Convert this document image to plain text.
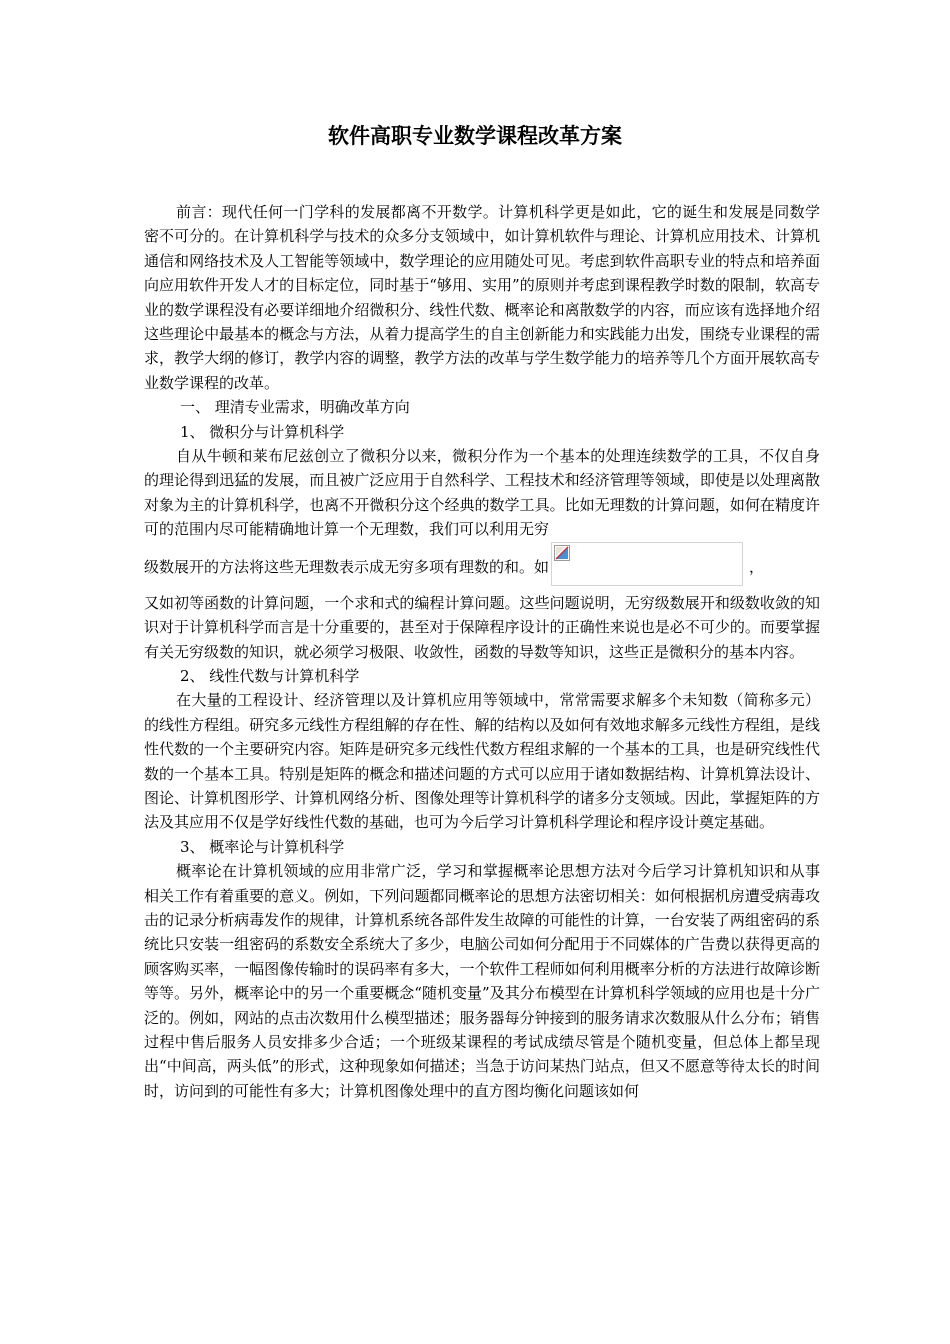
软件高职专业数学课程改革方案

前言：现代任何一门学科的发展都离不开数学。计算机科学更是如此，它的诞生和发展是同数学密不可分的。在计算机科学与技术的众多分支领域中，如计算机软件与理论、计算机应用技术、计算机通信和网络技术及人工智能等领域中，数学理论的应用随处可见。考虑到软件高职专业的特点和培养面向应用软件开发人才的目标定位，同时基于“够用、实用”的原则并考虑到课程教学时数的限制，软高专业的数学课程没有必要详细地介绍微积分、线性代数、概率论和离散数学的内容，而应该有选择地介绍这些理论中最基本的概念与方法，从着力提高学生的自主创新能力和实践能力出发，围绕专业课程的需求，教学大纲的修订，教学内容的调整，教学方法的改革与学生数学能力的培养等几个方面开展软高专业数学课程的改革。

一、 理清专业需求，明确改革方向

1、 微积分与计算机科学

自从牛顿和莱布尼兹创立了微积分以来，微积分作为一个基本的处理连续数学的工具，不仅自身的理论得到迅猛的发展，而且被广泛应用于自然科学、工程技术和经济管理等领域，即使是以处理离散对象为主的计算机科学，也离不开微积分这个经典的数学工具。比如无理数的计算问题，如何在精度许可的范围内尽可能精确地计算一个无理数，我们可以利用无穷

级数展开的方法将这些无理数表示成无穷多项有理数的和。如	，

又如初等函数的计算问题，一个求和式的编程计算问题。这些问题说明，无穷级数展开和级数收敛的知识对于计算机科学而言是十分重要的，甚至对于保障程序设计的正确性来说也是必不可少的。而要掌握有关无穷级数的知识，就必须学习极限、收敛性，函数的导数等知识，这些正是微积分的基本内容。

2、 线性代数与计算机科学

在大量的工程设计、经济管理以及计算机应用等领域中，常常需要求解多个未知数（简称多元）的线性方程组。研究多元线性方程组解的存在性、解的结构以及如何有效地求解多元线性方程组，是线性代数的一个主要研究内容。矩阵是研究多元线性代数方程组求解的一个基本的工具，也是研究线性代数的一个基本工具。特别是矩阵的概念和描述问题的方式可以应用于诸如数据结构、计算机算法设计、图论、计算机图形学、计算机网络分析、图像处理等计算机科学的诸多分支领域。因此，掌握矩阵的方法及其应用不仅是学好线性代数的基础，也可为今后学习计算机科学理论和程序设计奠定基础。

3、 概率论与计算机科学

概率论在计算机领域的应用非常广泛，学习和掌握概率论思想方法对今后学习计算机知识和从事相关工作有着重要的意义。例如，下列问题都同概率论的思想方法密切相关：如何根据机房遭受病毒攻击的记录分析病毒发作的规律，计算机系统各部件发生故障的可能性的计算，一台安装了两组密码的系统比只安装一组密码的系数安全系统大了多少，电脑公司如何分配用于不同媒体的广告费以获得更高的顾客购买率，一幅图像传输时的误码率有多大，一个软件工程师如何利用概率分析的方法进行故障诊断等等。另外，概率论中的另一个重要概念“随机变量”及其分布模型在计算机科学领域的应用也是十分广泛的。例如，网站的点击次数用什么模型描述；服务器每分钟接到的服务请求次数服从什么分布；销售过程中售后服务人员安排多少合适；一个班级某课程的考试成绩尽管是个随机变量，但总体上都呈现出“中间高，两头低”的形式，这种现象如何描述；当急于访问某热门站点，但又不愿意等待太长的时间时，访问到的可能性有多大；计算机图像处理中的直方图均衡化问题该如何
